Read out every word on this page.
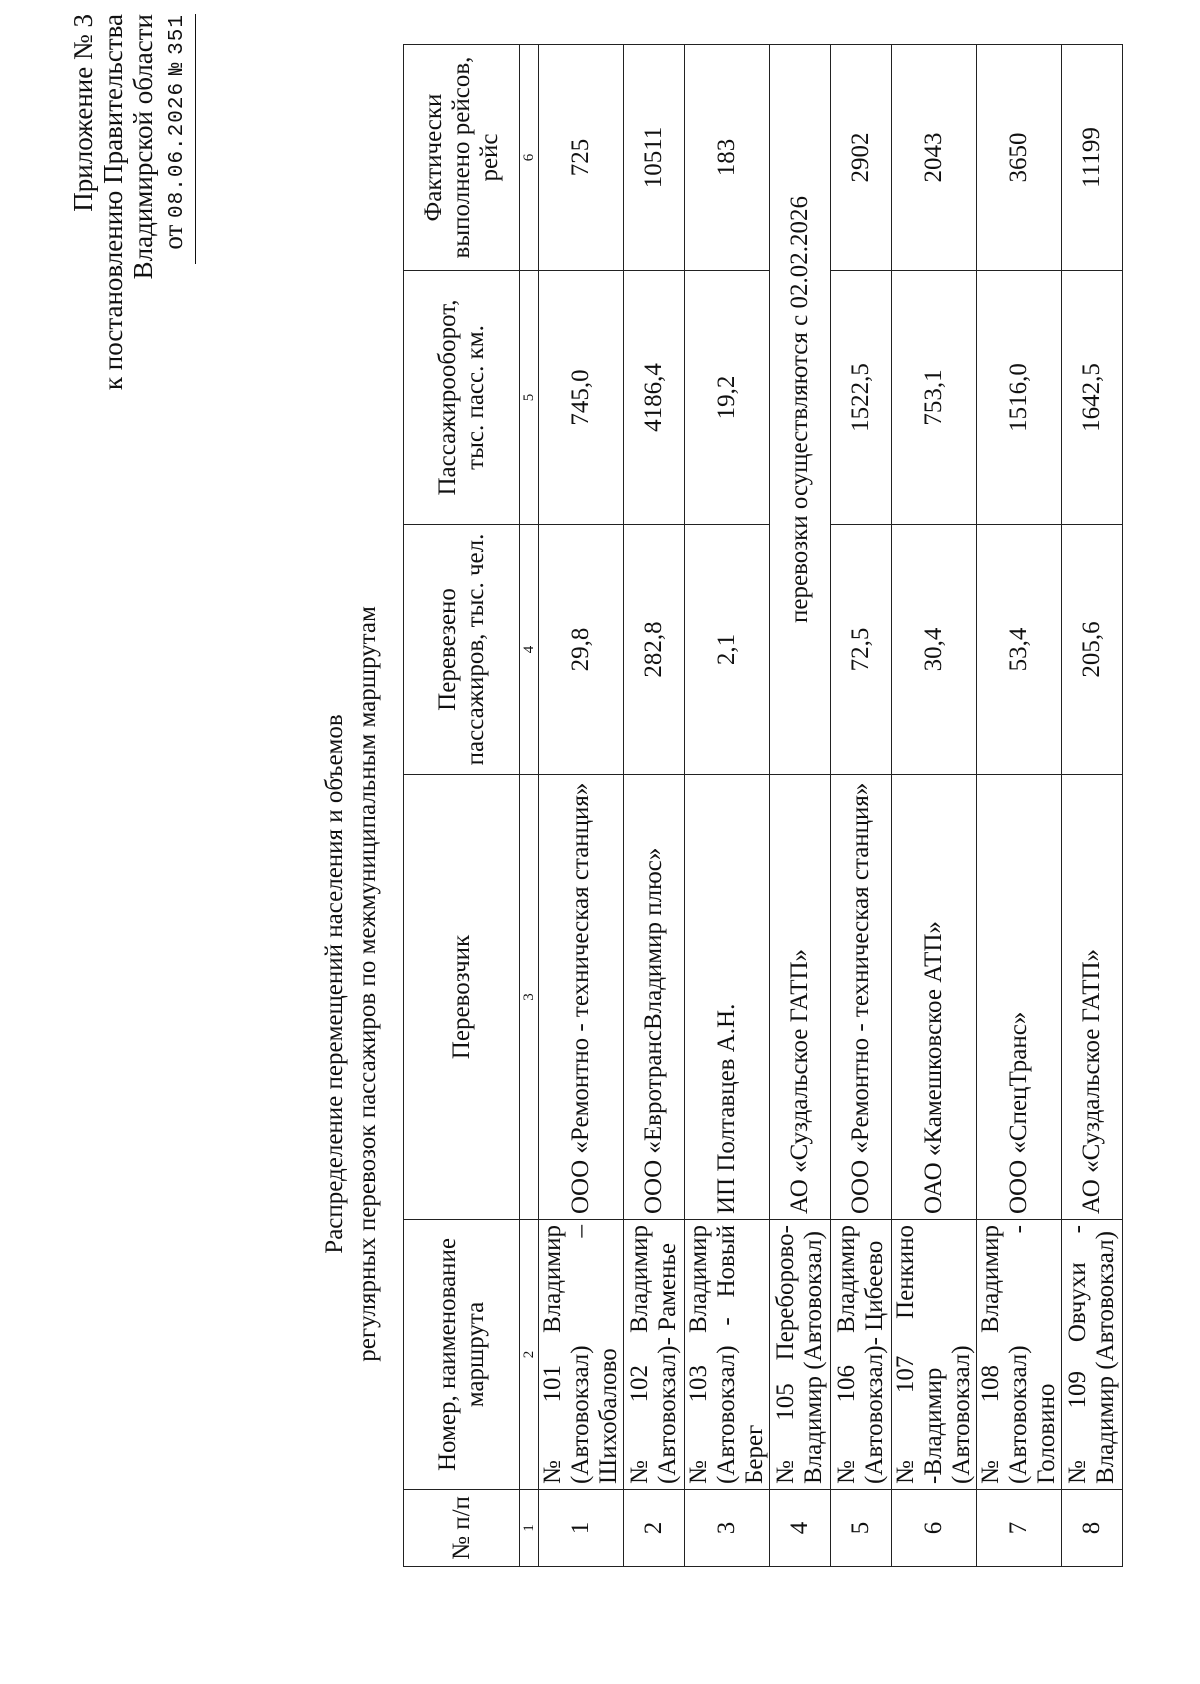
Приложение № 3 к постановлению Правительства Владимирской области от 08.06.2026 № 351
Распределение перемещений населения и объемов регулярных перевозок пассажиров по межмуниципальным маршрутам
№ п/п	Номер, наименование маршрута	Перевозчик	Перевезено пассажиров, тыс. чел.	Пассажирооборот, тыс. пасс. км.	Фактически выполнено рейсов, рейс
1	2	3	4	5	6
1	№ 101 Владимир (Автовокзал) – Шихобалово	ООО «Ремонтно - техническая станция»	29,8	745,0	725
2	№ 102 Владимир (Автовокзал)- Раменье	ООО «ЕвротрансВладимир плюс»	282,8	4186,4	10511
3	№ 103 Владимир (Автовокзал) - Новый Берег	ИП Полтавцев А.Н.	2,1	19,2	183
4	№ 105 Переборово-Владимир (Автовокзал)	АО «Суздальское ГАТП»	перевозки осуществляются с 02.02.2026		
5	№ 106 Владимир (Автовокзал)- Цибеево	ООО «Ремонтно - техническая станция»	72,5	1522,5	2902
6	№ 107 Пенкино -Владимир (Автовокзал)	ОАО «Камешковское АТП»	30,4	753,1	2043
7	№ 108 Владимир (Автовокзал) - Головино	ООО «СпецТранс»	53,4	1516,0	3650
8	№ 109 Овчухи - Владимир (Автовокзал)	АО «Суздальское ГАТП»	205,6	1642,5	11199
